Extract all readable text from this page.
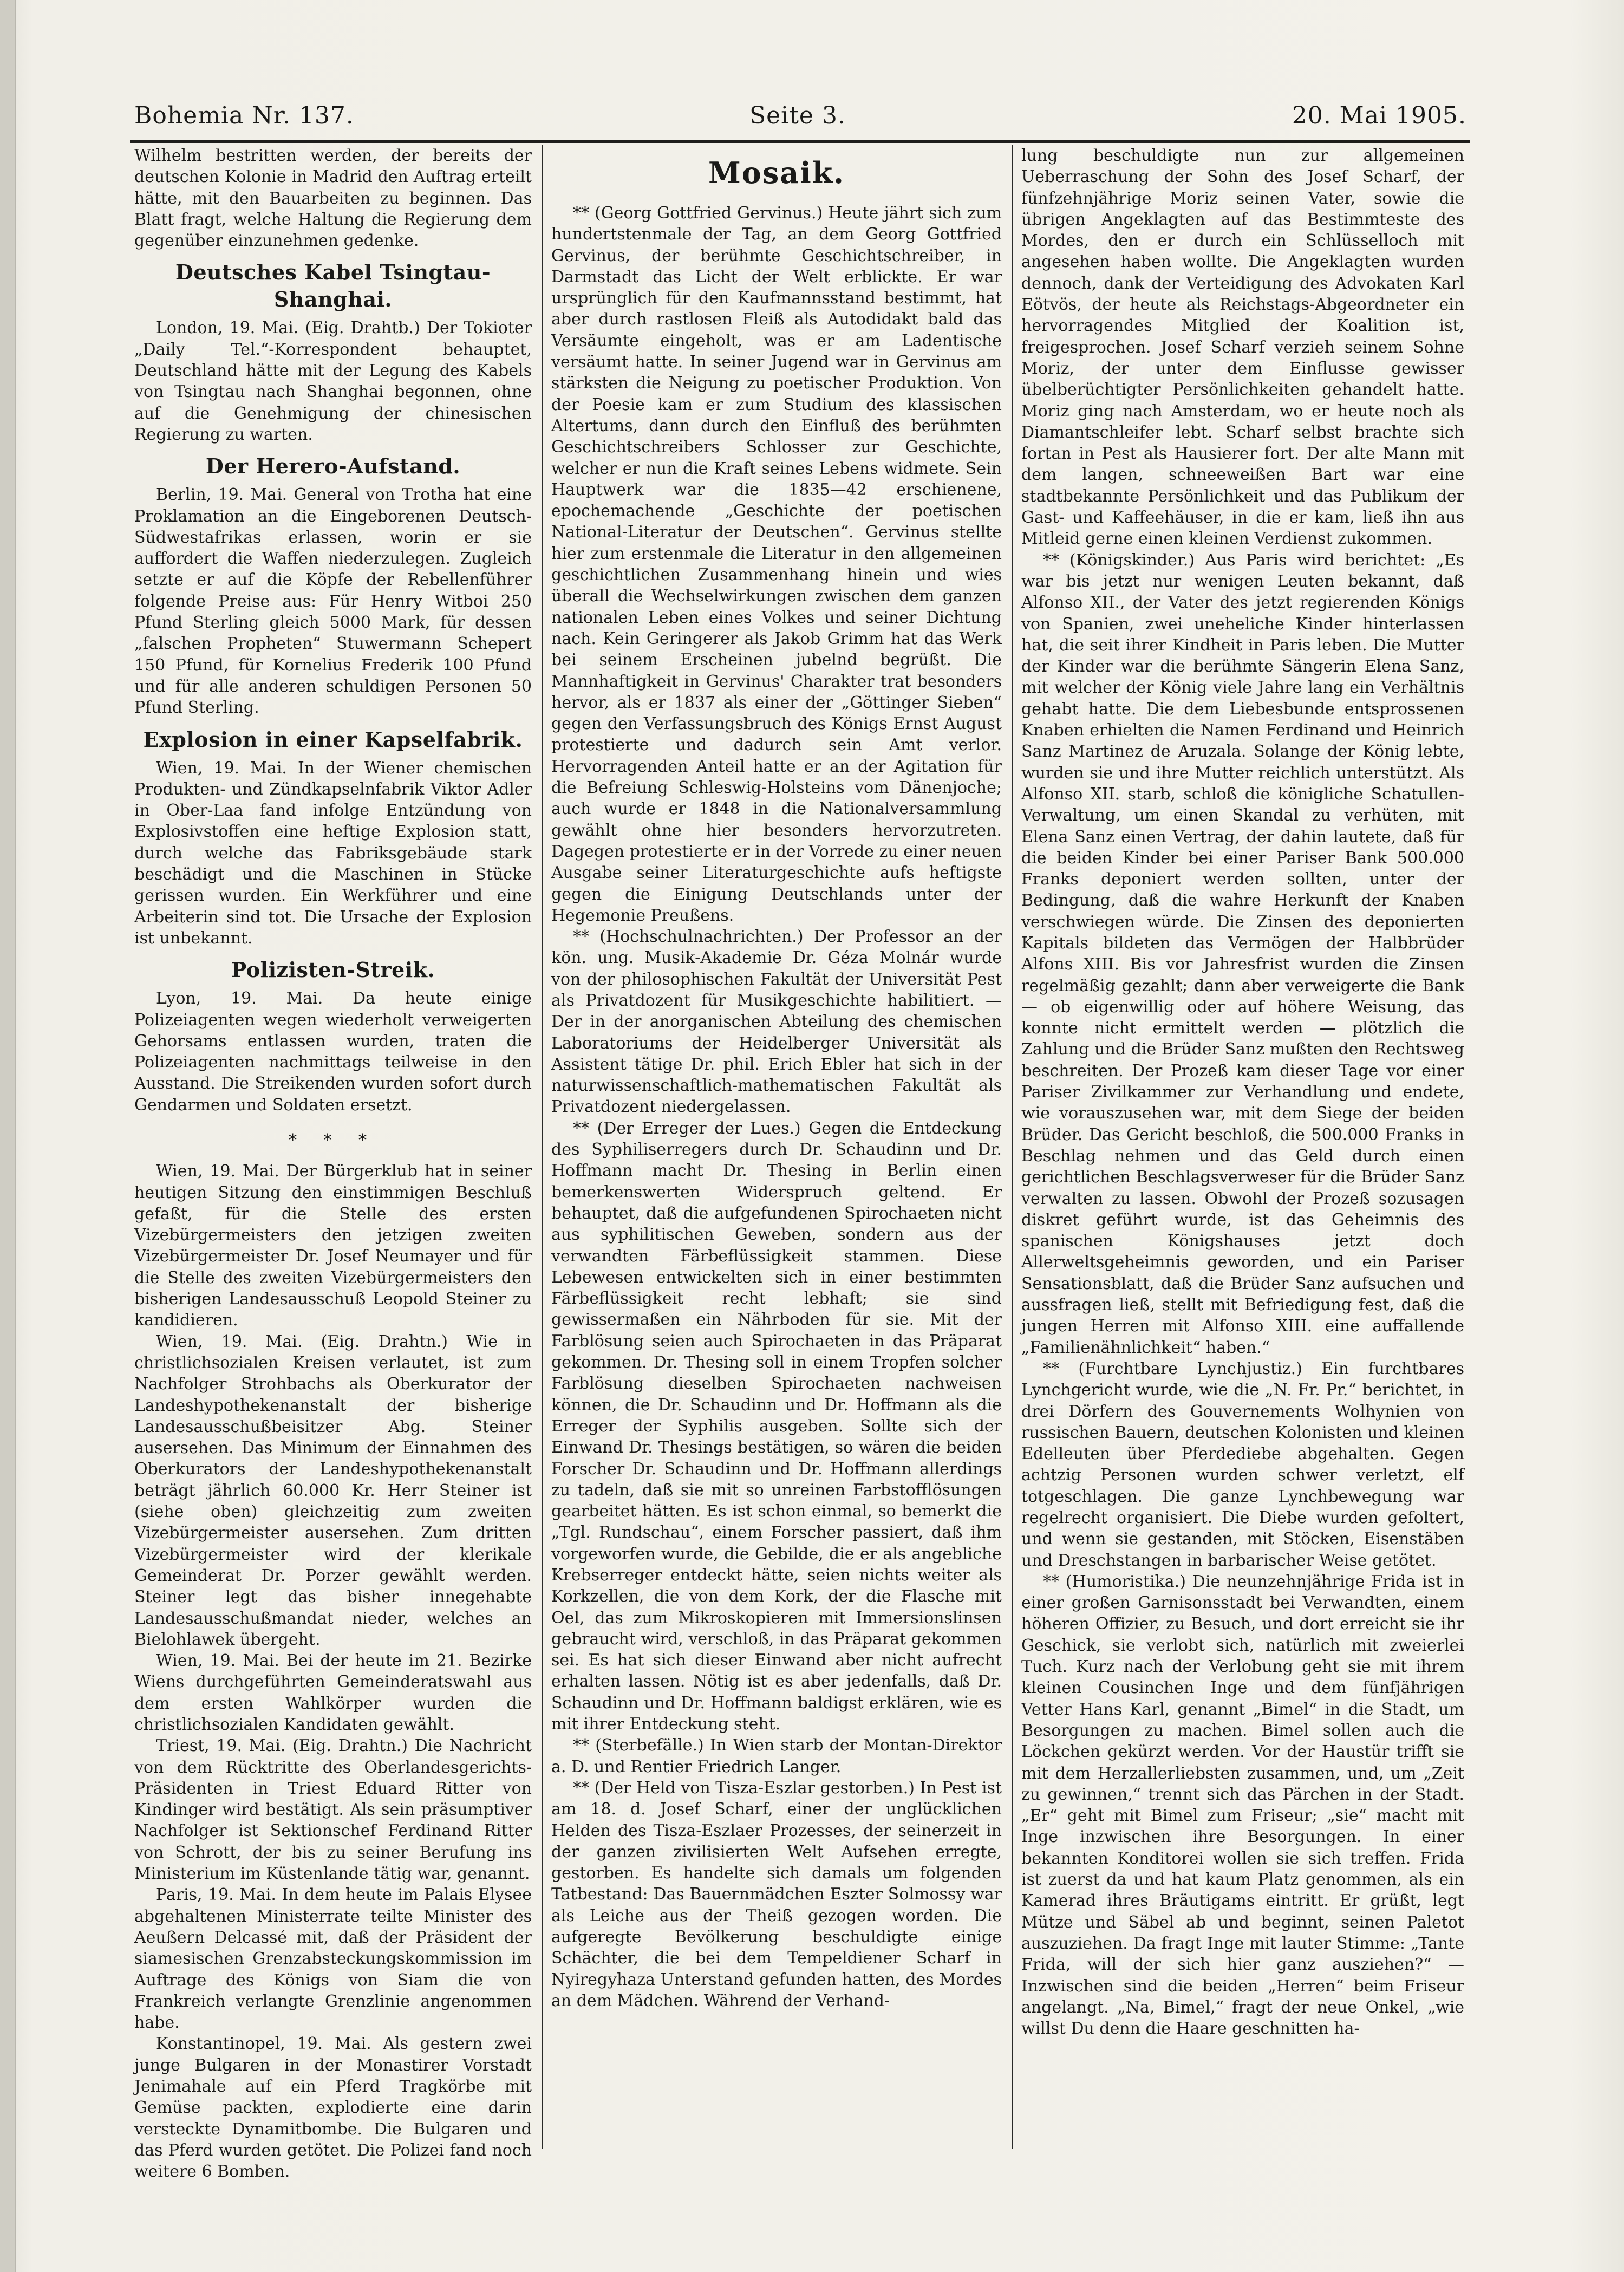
Bohemia Nr. 137.	Seite 3.	20. Mai 1905.

Wilhelm bestritten werden, der bereits der deutschen Kolonie in Madrid den Auftrag erteilt hätte, mit den Bauarbeiten zu beginnen. Das Blatt fragt, welche Haltung die Regierung dem gegenüber einzunehmen gedenke.

Deutsches Kabel Tsingtau-Shanghai.

London, 19. Mai. (Eig. Drahtb.) Der Tokioter „Daily Tel.“-Korrespondent behauptet, Deutschland hätte mit der Legung des Kabels von Tsingtau nach Shanghai begonnen, ohne auf die Genehmigung der chinesischen Regierung zu warten.

Der Herero-Aufstand.

Berlin, 19. Mai. General von Trotha hat eine Proklamation an die Eingeborenen Deutsch-Südwestafrikas erlassen, worin er sie auffordert die Waffen niederzulegen. Zugleich setzte er auf die Köpfe der Rebellenführer folgende Preise aus: Für Henry Witboi 250 Pfund Sterling gleich 5000 Mark, für dessen „falschen Propheten“ Stuwermann Schepert 150 Pfund, für Kornelius Frederik 100 Pfund und für alle anderen schuldigen Personen 50 Pfund Sterling.

Explosion in einer Kapselfabrik.

Wien, 19. Mai. In der Wiener chemischen Produkten- und Zündkapselnfabrik Viktor Adler in Ober-Laa fand infolge Entzündung von Explosivstoffen eine heftige Explosion statt, durch welche das Fabriksgebäude stark beschädigt und die Maschinen in Stücke gerissen wurden. Ein Werkführer und eine Arbeiterin sind tot. Die Ursache der Explosion ist unbekannt.

Polizisten-Streik.

Lyon, 19. Mai. Da heute einige Polizeiagenten wegen wiederholt verweigerten Gehorsams entlassen wurden, traten die Polizeiagenten nachmittags teilweise in den Ausstand. Die Streikenden wurden sofort durch Gendarmen und Soldaten ersetzt.

* * *

Wien, 19. Mai. Der Bürgerklub hat in seiner heutigen Sitzung den einstimmigen Beschluß gefaßt, für die Stelle des ersten Vizebürgermeisters den jetzigen zweiten Vizebürgermeister Dr. Josef Neumayer und für die Stelle des zweiten Vizebürgermeisters den bisherigen Landesausschuß Leopold Steiner zu kandidieren.

Wien, 19. Mai. (Eig. Drahtn.) Wie in christlichsozialen Kreisen verlautet, ist zum Nachfolger Strohbachs als Oberkurator der Landeshypothekenanstalt der bisherige Landesausschußbeisitzer Abg. Steiner ausersehen. Das Minimum der Einnahmen des Oberkurators der Landeshypothekenanstalt beträgt jährlich 60.000 Kr. Herr Steiner ist (siehe oben) gleichzeitig zum zweiten Vizebürgermeister ausersehen. Zum dritten Vizebürgermeister wird der klerikale Gemeinderat Dr. Porzer gewählt werden. Steiner legt das bisher innegehabte Landesausschußmandat nieder, welches an Bielohlawek übergeht.

Wien, 19. Mai. Bei der heute im 21. Bezirke Wiens durchgeführten Gemeinderatswahl aus dem ersten Wahlkörper wurden die christlichsozialen Kandidaten gewählt.

Triest, 19. Mai. (Eig. Drahtn.) Die Nachricht von dem Rücktritte des Oberlandesgerichts-Präsidenten in Triest Eduard Ritter von Kindinger wird bestätigt. Als sein präsumptiver Nachfolger ist Sektionschef Ferdinand Ritter von Schrott, der bis zu seiner Berufung ins Ministerium im Küstenlande tätig war, genannt.

Paris, 19. Mai. In dem heute im Palais Elysee abgehaltenen Ministerrate teilte Minister des Aeußern Delcassé mit, daß der Präsident der siamesischen Grenzabsteckungskommission im Auftrage des Königs von Siam die von Frankreich verlangte Grenzlinie angenommen habe.

Konstantinopel, 19. Mai. Als gestern zwei junge Bulgaren in der Monastirer Vorstadt Jenimahale auf ein Pferd Tragkörbe mit Gemüse packten, explodierte eine darin versteckte Dynamitbombe. Die Bulgaren und das Pferd wurden getötet. Die Polizei fand noch weitere 6 Bomben.

Mosaik.

** (Georg Gottfried Gervinus.) Heute jährt sich zum hundertstenmale der Tag, an dem Georg Gottfried Gervinus, der berühmte Geschichtschreiber, in Darmstadt das Licht der Welt erblickte. Er war ursprünglich für den Kaufmannsstand bestimmt, hat aber durch rastlosen Fleiß als Autodidakt bald das Versäumte eingeholt, was er am Ladentische versäumt hatte. In seiner Jugend war in Gervinus am stärksten die Neigung zu poetischer Produktion. Von der Poesie kam er zum Studium des klassischen Altertums, dann durch den Einfluß des berühmten Geschichtschreibers Schlosser zur Geschichte, welcher er nun die Kraft seines Lebens widmete. Sein Hauptwerk war die 1835—42 erschienene, epochemachende „Geschichte der poetischen National-Literatur der Deutschen“. Gervinus stellte hier zum erstenmale die Literatur in den allgemeinen geschichtlichen Zusammenhang hinein und wies überall die Wechselwirkungen zwischen dem ganzen nationalen Leben eines Volkes und seiner Dichtung nach. Kein Geringerer als Jakob Grimm hat das Werk bei seinem Erscheinen jubelnd begrüßt. Die Mannhaftigkeit in Gervinus' Charakter trat besonders hervor, als er 1837 als einer der „Göttinger Sieben“ gegen den Verfassungsbruch des Königs Ernst August protestierte und dadurch sein Amt verlor. Hervorragenden Anteil hatte er an der Agitation für die Befreiung Schleswig-Holsteins vom Dänenjoche; auch wurde er 1848 in die Nationalversammlung gewählt ohne hier besonders hervorzutreten. Dagegen protestierte er in der Vorrede zu einer neuen Ausgabe seiner Literaturgeschichte aufs heftigste gegen die Einigung Deutschlands unter der Hegemonie Preußens.

** (Hochschulnachrichten.) Der Professor an der kön. ung. Musik-Akademie Dr. Géza Molnár wurde von der philosophischen Fakultät der Universität Pest als Privatdozent für Musikgeschichte habilitiert. — Der in der anorganischen Abteilung des chemischen Laboratoriums der Heidelberger Universität als Assistent tätige Dr. phil. Erich Ebler hat sich in der naturwissenschaftlich-mathematischen Fakultät als Privatdozent niedergelassen.

** (Der Erreger der Lues.) Gegen die Entdeckung des Syphiliserregers durch Dr. Schaudinn und Dr. Hoffmann macht Dr. Thesing in Berlin einen bemerkenswerten Widerspruch geltend. Er behauptet, daß die aufgefundenen Spirochaeten nicht aus syphilitischen Geweben, sondern aus der verwandten Färbeflüssigkeit stammen. Diese Lebewesen entwickelten sich in einer bestimmten Färbeflüssigkeit recht lebhaft; sie sind gewissermaßen ein Nährboden für sie. Mit der Farblösung seien auch Spirochaeten in das Präparat gekommen. Dr. Thesing soll in einem Tropfen solcher Farblösung dieselben Spirochaeten nachweisen können, die Dr. Schaudinn und Dr. Hoffmann als die Erreger der Syphilis ausgeben. Sollte sich der Einwand Dr. Thesings bestätigen, so wären die beiden Forscher Dr. Schaudinn und Dr. Hoffmann allerdings zu tadeln, daß sie mit so unreinen Farbstofflösungen gearbeitet hätten. Es ist schon einmal, so bemerkt die „Tgl. Rundschau“, einem Forscher passiert, daß ihm vorgeworfen wurde, die Gebilde, die er als angebliche Krebserreger entdeckt hätte, seien nichts weiter als Korkzellen, die von dem Kork, der die Flasche mit Oel, das zum Mikroskopieren mit Immersionslinsen gebraucht wird, verschloß, in das Präparat gekommen sei. Es hat sich dieser Einwand aber nicht aufrecht erhalten lassen. Nötig ist es aber jedenfalls, daß Dr. Schaudinn und Dr. Hoffmann baldigst erklären, wie es mit ihrer Entdeckung steht.

** (Sterbefälle.) In Wien starb der Montan-Direktor a. D. und Rentier Friedrich Langer.

** (Der Held von Tisza-Eszlar gestorben.) In Pest ist am 18. d. Josef Scharf, einer der unglücklichen Helden des Tisza-Eszlaer Prozesses, der seinerzeit in der ganzen zivilisierten Welt Aufsehen erregte, gestorben. Es handelte sich damals um folgenden Tatbestand: Das Bauernmädchen Eszter Solmossy war als Leiche aus der Theiß gezogen worden. Die aufgeregte Bevölkerung beschuldigte einige Schächter, die bei dem Tempeldiener Scharf in Nyiregyhaza Unterstand gefunden hatten, des Mordes an dem Mädchen. Während der Verhand-

lung beschuldigte nun zur allgemeinen Ueberraschung der Sohn des Josef Scharf, der fünfzehnjährige Moriz seinen Vater, sowie die übrigen Angeklagten auf das Bestimmteste des Mordes, den er durch ein Schlüsselloch mit angesehen haben wollte. Die Angeklagten wurden dennoch, dank der Verteidigung des Advokaten Karl Eötvös, der heute als Reichstags-Abgeordneter ein hervorragendes Mitglied der Koalition ist, freigesprochen. Josef Scharf verzieh seinem Sohne Moriz, der unter dem Einflusse gewisser übelberüchtigter Persönlichkeiten gehandelt hatte. Moriz ging nach Amsterdam, wo er heute noch als Diamantschleifer lebt. Scharf selbst brachte sich fortan in Pest als Hausierer fort. Der alte Mann mit dem langen, schneeweißen Bart war eine stadtbekannte Persönlichkeit und das Publikum der Gast- und Kaffeehäuser, in die er kam, ließ ihn aus Mitleid gerne einen kleinen Verdienst zukommen.

** (Königskinder.) Aus Paris wird berichtet: „Es war bis jetzt nur wenigen Leuten bekannt, daß Alfonso XII., der Vater des jetzt regierenden Königs von Spanien, zwei uneheliche Kinder hinterlassen hat, die seit ihrer Kindheit in Paris leben. Die Mutter der Kinder war die berühmte Sängerin Elena Sanz, mit welcher der König viele Jahre lang ein Verhältnis gehabt hatte. Die dem Liebesbunde entsprossenen Knaben erhielten die Namen Ferdinand und Heinrich Sanz Martinez de Aruzala. Solange der König lebte, wurden sie und ihre Mutter reichlich unterstützt. Als Alfonso XII. starb, schloß die königliche Schatullen-Verwaltung, um einen Skandal zu verhüten, mit Elena Sanz einen Vertrag, der dahin lautete, daß für die beiden Kinder bei einer Pariser Bank 500.000 Franks deponiert werden sollten, unter der Bedingung, daß die wahre Herkunft der Knaben verschwiegen würde. Die Zinsen des deponierten Kapitals bildeten das Vermögen der Halbbrüder Alfons XIII. Bis vor Jahresfrist wurden die Zinsen regelmäßig gezahlt; dann aber verweigerte die Bank — ob eigenwillig oder auf höhere Weisung, das konnte nicht ermittelt werden — plötzlich die Zahlung und die Brüder Sanz mußten den Rechtsweg beschreiten. Der Prozeß kam dieser Tage vor einer Pariser Zivilkammer zur Verhandlung und endete, wie vorauszusehen war, mit dem Siege der beiden Brüder. Das Gericht beschloß, die 500.000 Franks in Beschlag nehmen und das Geld durch einen gerichtlichen Beschlagsverweser für die Brüder Sanz verwalten zu lassen. Obwohl der Prozeß sozusagen diskret geführt wurde, ist das Geheimnis des spanischen Königshauses jetzt doch Allerweltsgeheimnis geworden, und ein Pariser Sensationsblatt, daß die Brüder Sanz aufsuchen und aussfragen ließ, stellt mit Befriedigung fest, daß die jungen Herren mit Alfonso XIII. eine auffallende „Familienähnlichkeit“ haben.“

** (Furchtbare Lynchjustiz.) Ein furchtbares Lynchgericht wurde, wie die „N. Fr. Pr.“ berichtet, in drei Dörfern des Gouvernements Wolhynien von russischen Bauern, deutschen Kolonisten und kleinen Edelleuten über Pferdediebe abgehalten. Gegen achtzig Personen wurden schwer verletzt, elf totgeschlagen. Die ganze Lynchbewegung war regelrecht organisiert. Die Diebe wurden gefoltert, und wenn sie gestanden, mit Stöcken, Eisenstäben und Dreschstangen in barbarischer Weise getötet.

** (Humoristika.) Die neunzehnjährige Frida ist in einer großen Garnisonsstadt bei Verwandten, einem höheren Offizier, zu Besuch, und dort erreicht sie ihr Geschick, sie verlobt sich, natürlich mit zweierlei Tuch. Kurz nach der Verlobung geht sie mit ihrem kleinen Cousinchen Inge und dem fünfjährigen Vetter Hans Karl, genannt „Bimel“ in die Stadt, um Besorgungen zu machen. Bimel sollen auch die Löckchen gekürzt werden. Vor der Haustür trifft sie mit dem Herzallerliebsten zusammen, und, um „Zeit zu gewinnen,“ trennt sich das Pärchen in der Stadt. „Er“ geht mit Bimel zum Friseur; „sie“ macht mit Inge inzwischen ihre Besorgungen. In einer bekannten Konditorei wollen sie sich treffen. Frida ist zuerst da und hat kaum Platz genommen, als ein Kamerad ihres Bräutigams eintritt. Er grüßt, legt Mütze und Säbel ab und beginnt, seinen Paletot auszuziehen. Da fragt Inge mit lauter Stimme: „Tante Frida, will der sich hier ganz ausziehen?“ — Inzwischen sind die beiden „Herren“ beim Friseur angelangt. „Na, Bimel,“ fragt der neue Onkel, „wie willst Du denn die Haare geschnitten ha-
